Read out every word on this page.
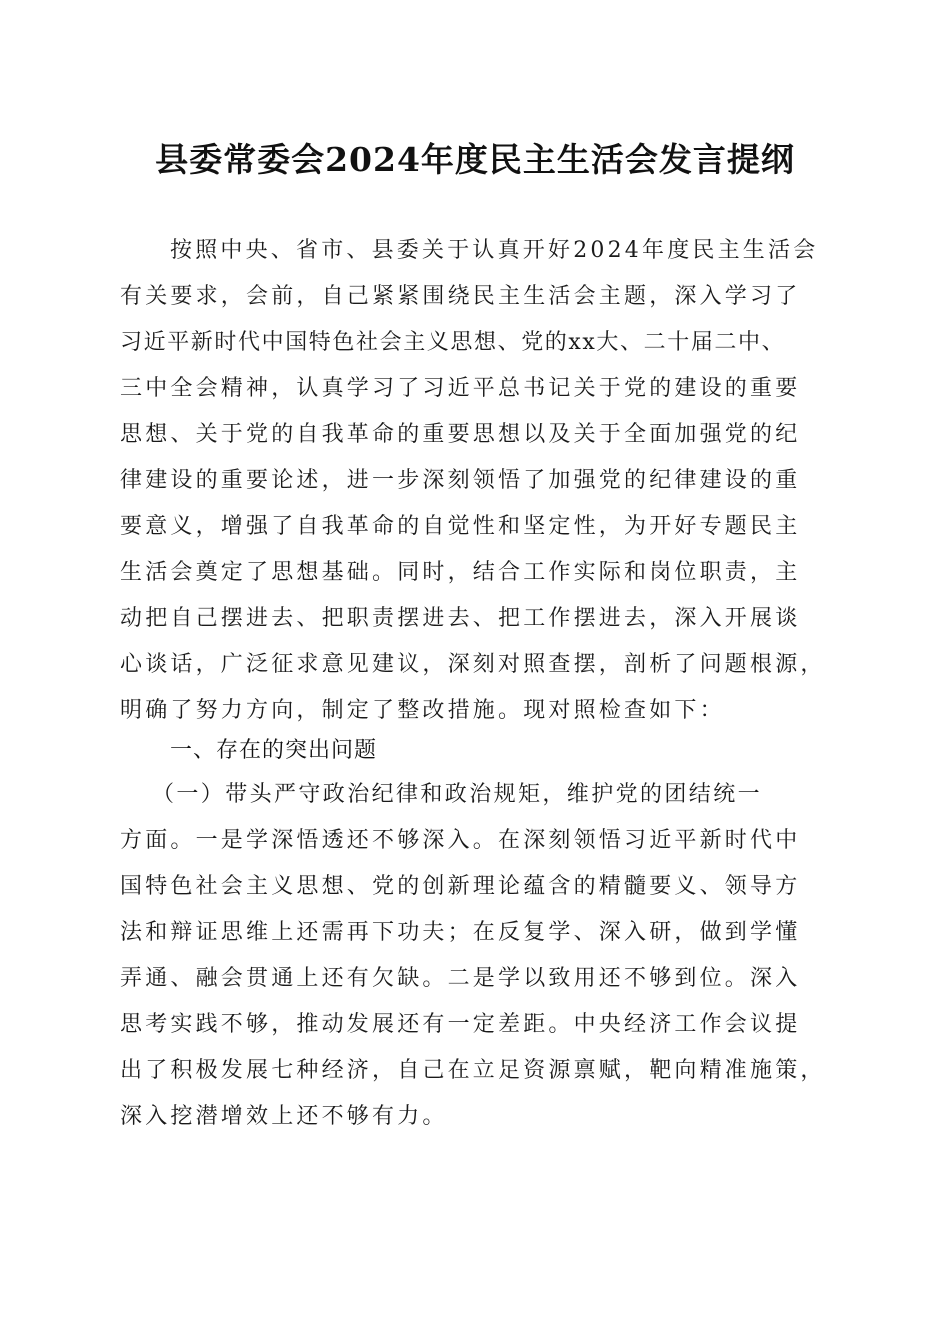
县委常委会2024年度民主生活会发言提纲
按照中央、省市、县委关于认真开好2024年度民主生活会
有关要求，会前，自己紧紧围绕民主生活会主题，深入学习了
习近平新时代中国特色社会主义思想、党的xx大、二十届二中、
三中全会精神，认真学习了习近平总书记关于党的建设的重要
思想、关于党的自我革命的重要思想以及关于全面加强党的纪
律建设的重要论述，进一步深刻领悟了加强党的纪律建设的重
要意义，增强了自我革命的自觉性和坚定性，为开好专题民主
生活会奠定了思想基础。同时，结合工作实际和岗位职责，主
动把自己摆进去、把职责摆进去、把工作摆进去，深入开展谈
心谈话，广泛征求意见建议，深刻对照查摆，剖析了问题根源，
明确了努力方向，制定了整改措施。现对照检查如下：
一、存在的突出问题
（一）带头严守政治纪律和政治规矩，维护党的团结统一
方面。一是学深悟透还不够深入。在深刻领悟习近平新时代中
国特色社会主义思想、党的创新理论蕴含的精髓要义、领导方
法和辩证思维上还需再下功夫；在反复学、深入研，做到学懂
弄通、融会贯通上还有欠缺。二是学以致用还不够到位。深入
思考实践不够，推动发展还有一定差距。中央经济工作会议提
出了积极发展七种经济，自己在立足资源禀赋，靶向精准施策，
深入挖潜增效上还不够有力。
